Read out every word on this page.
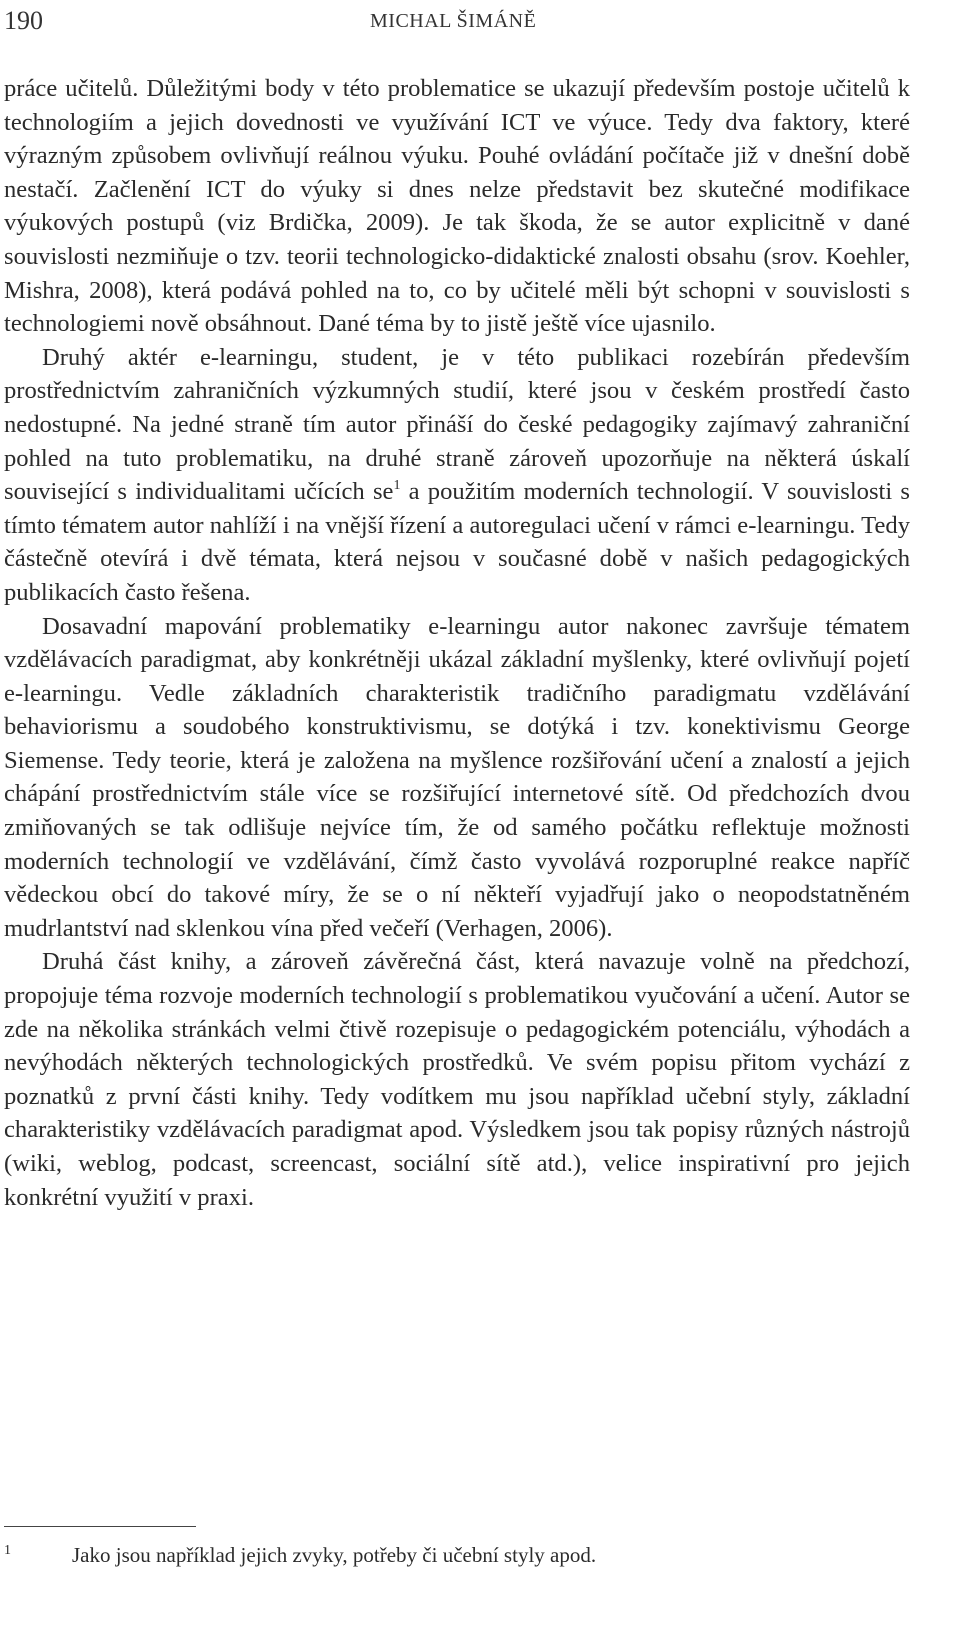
190	MICHAL ŠIMÁNĚ

práce učitelů. Důležitými body v této problematice se ukazují především postoje učitelů k technologiím a jejich dovednosti ve využívání ICT ve výuce. Tedy dva faktory, které výrazným způsobem ovlivňují reálnou výuku. Pouhé ovládání počítače již v dnešní době nestačí. Začlenění ICT do výuky si dnes nelze představit bez skutečné modifikace výukových postupů (viz Brdička, 2009). Je tak škoda, že se autor explicitně v dané souvislosti nezmiňuje o tzv. teorii technologicko-didaktické znalosti obsahu (srov. Koehler, Mishra, 2008), která podává pohled na to, co by učitelé měli být schopni v souvislosti s technologiemi nově obsáhnout. Dané téma by to jistě ještě více ujasnilo.

Druhý aktér e-learningu, student, je v této publikaci rozebírán především prostřednictvím zahraničních výzkumných studií, které jsou v českém prostředí často nedostupné. Na jedné straně tím autor přináší do české pedagogiky zajímavý zahraniční pohled na tuto problematiku, na druhé straně zároveň upozorňuje na některá úskalí související s individualitami učících se$^1$ a použitím moderních technologií. V souvislosti s tímto tématem autor nahlíží i na vnější řízení a autoregulaci učení v rámci e-learningu. Tedy částečně otevírá i dvě témata, která nejsou v současné době v našich pedagogických publikacích často řešena.

Dosavadní mapování problematiky e-learningu autor nakonec završuje tématem vzdělávacích paradigmat, aby konkrétněji ukázal základní myšlenky, které ovlivňují pojetí e-learningu. Vedle základních charakteristik tradičního paradigmatu vzdělávání behaviorismu a soudobého konstruktivismu, se dotýká i tzv. konektivismu George Siemense. Tedy teorie, která je založena na myšlence rozšiřování učení a znalostí a jejich chápání prostřednictvím stále více se rozšiřující internetové sítě. Od předchozích dvou zmiňovaných se tak odlišuje nejvíce tím, že od samého počátku reflektuje možnosti moderních technologií ve vzdělávání, čímž často vyvolává rozporuplné reakce napříč vědeckou obcí do takové míry, že se o ní někteří vyjadřují jako o neopodstatněném mudrlantství nad sklenkou vína před večeří (Verhagen, 2006).

Druhá část knihy, a zároveň závěrečná část, která navazuje volně na předchozí, propojuje téma rozvoje moderních technologií s problematikou vyučování a učení. Autor se zde na několika stránkách velmi čtivě rozepisuje o pedagogickém potenciálu, výhodách a nevýhodách některých technologických prostředků. Ve svém popisu přitom vychází z poznatků z první části knihy. Tedy vodítkem mu jsou například učební styly, základní charakteristiky vzdělávacích paradigmat apod. Výsledkem jsou tak popisy různých nástrojů (wiki, weblog, podcast, screencast, sociální sítě atd.), velice inspirativní pro jejich konkrétní využití v praxi.

1	Jako jsou například jejich zvyky, potřeby či učební styly apod.
